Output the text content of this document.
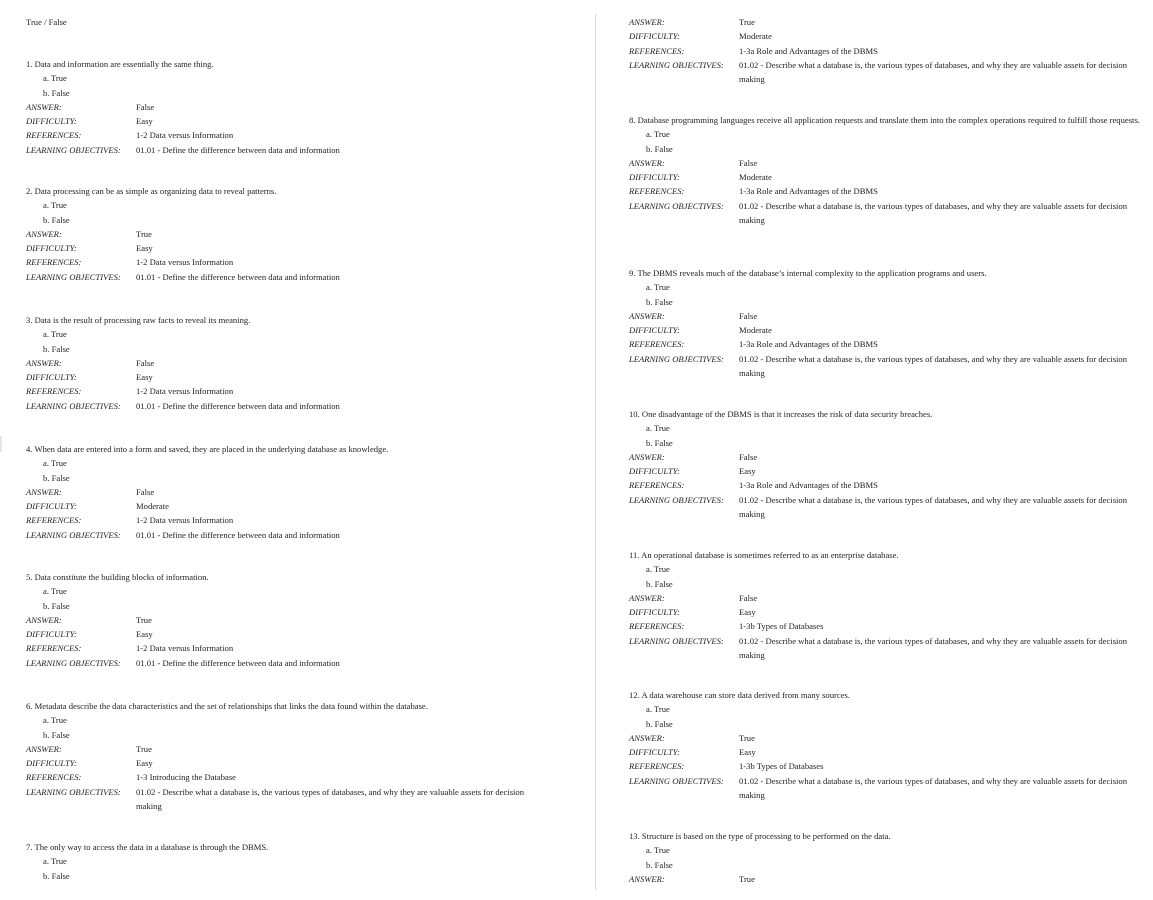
True / False
1. Data and information are essentially the same thing.
a. True
b. False
ANSWER:	False
DIFFICULTY:	Easy
REFERENCES:	1-2 Data versus Information
LEARNING OBJECTIVES:	01.01 - Define the difference between data and information
2. Data processing can be as simple as organizing data to reveal patterns.
a. True
b. False
ANSWER:	True
DIFFICULTY:	Easy
REFERENCES:	1-2 Data versus Information
LEARNING OBJECTIVES:	01.01 - Define the difference between data and information
3. Data is the result of processing raw facts to reveal its meaning.
a. True
b. False
ANSWER:	False
DIFFICULTY:	Easy
REFERENCES:	1-2 Data versus Information
LEARNING OBJECTIVES:	01.01 - Define the difference between data and information
4. When data are entered into a form and saved, they are placed in the underlying database as knowledge.
a. True
b. False
ANSWER:	False
DIFFICULTY:	Moderate
REFERENCES:	1-2 Data versus Information
LEARNING OBJECTIVES:	01.01 - Define the difference between data and information
5. Data constitute the building blocks of information.
a. True
b. False
ANSWER:	True
DIFFICULTY:	Easy
REFERENCES:	1-2 Data versus Information
LEARNING OBJECTIVES:	01.01 - Define the difference between data and information
6. Metadata describe the data characteristics and the set of relationships that links the data found within the database.
a. True
b. False
ANSWER:	True
DIFFICULTY:	Easy
REFERENCES:	1-3 Introducing the Database
LEARNING OBJECTIVES:	01.02 - Describe what a database is, the various types of databases, and why they are valuable assets for decision making
7. The only way to access the data in a database is through the DBMS.
a. True
b. False
ANSWER:	True
DIFFICULTY:	Moderate
REFERENCES:	1-3a Role and Advantages of the DBMS
LEARNING OBJECTIVES:	01.02 - Describe what a database is, the various types of databases, and why they are valuable assets for decision making
8. Database programming languages receive all application requests and translate them into the complex operations required to fulfill those requests.
a. True
b. False
ANSWER:	False
DIFFICULTY:	Moderate
REFERENCES:	1-3a Role and Advantages of the DBMS
LEARNING OBJECTIVES:	01.02 - Describe what a database is, the various types of databases, and why they are valuable assets for decision making
9. The DBMS reveals much of the database’s internal complexity to the application programs and users.
a. True
b. False
ANSWER:	False
DIFFICULTY:	Moderate
REFERENCES:	1-3a Role and Advantages of the DBMS
LEARNING OBJECTIVES:	01.02 - Describe what a database is, the various types of databases, and why they are valuable assets for decision making
10. One disadvantage of the DBMS is that it increases the risk of data security breaches.
a. True
b. False
ANSWER:	False
DIFFICULTY:	Easy
REFERENCES:	1-3a Role and Advantages of the DBMS
LEARNING OBJECTIVES:	01.02 - Describe what a database is, the various types of databases, and why they are valuable assets for decision making
11. An operational database is sometimes referred to as an enterprise database.
a. True
b. False
ANSWER:	False
DIFFICULTY:	Easy
REFERENCES:	1-3b Types of Databases
LEARNING OBJECTIVES:	01.02 - Describe what a database is, the various types of databases, and why they are valuable assets for decision making
12. A data warehouse can store data derived from many sources.
a. True
b. False
ANSWER:	True
DIFFICULTY:	Easy
REFERENCES:	1-3b Types of Databases
LEARNING OBJECTIVES:	01.02 - Describe what a database is, the various types of databases, and why they are valuable assets for decision making
13. Structure is based on the type of processing to be performed on the data.
a. True
b. False
ANSWER:	True
